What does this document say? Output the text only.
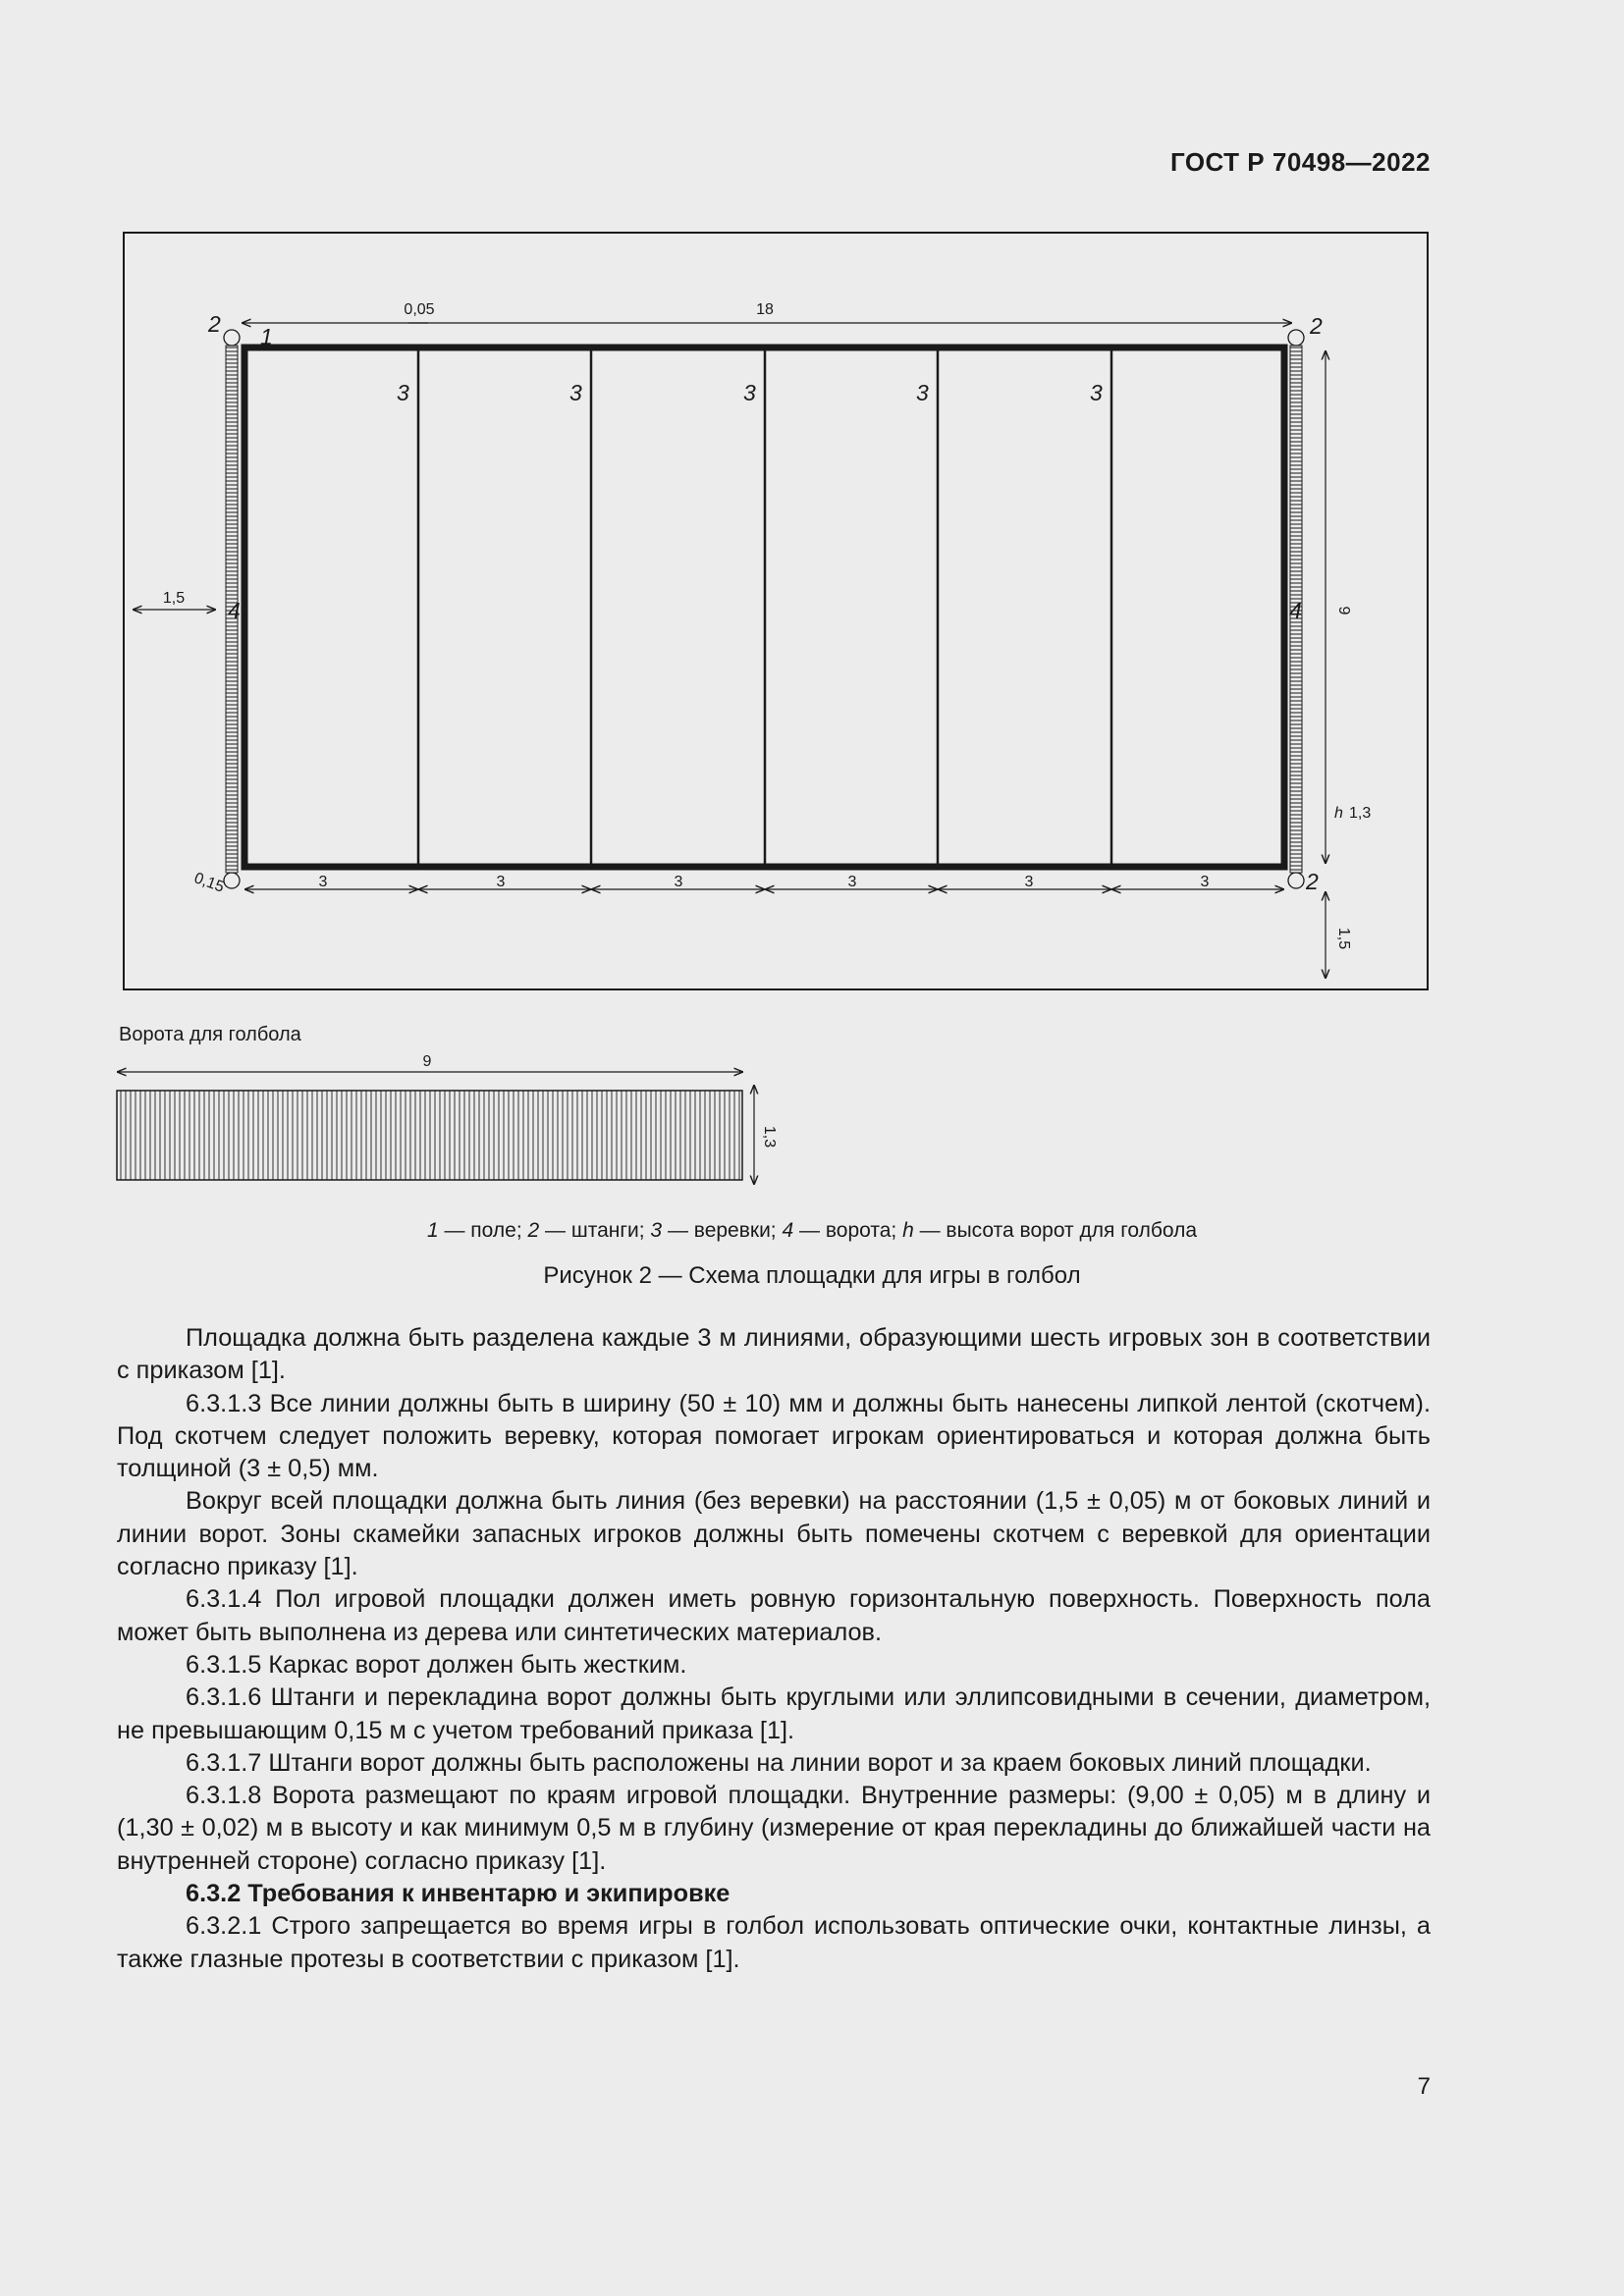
ГОСТ Р 70498—2022
3	3	3	3	3
1
2	2
2
4	4
18
0,05
1,5
9
h 1,3
1,5
0,15	3	3	3	3	3	3
9
1,3
Ворота для голбола
1 — поле; 2 — штанги; 3 — веревки; 4 — ворота; h — высота ворот для голбола
Рисунок 2 — Схема площадки для игры в голбол

Площадка должна быть разделена каждые 3 м линиями, образующими шесть игровых зон в соответствии с приказом [1].

6.3.1.3 Все линии должны быть в ширину (50 ± 10) мм и должны быть нанесены липкой лентой (скотчем). Под скотчем следует положить веревку, которая помогает игрокам ориентироваться и которая должна быть толщиной (3 ± 0,5) мм.

Вокруг всей площадки должна быть линия (без веревки) на расстоянии (1,5 ± 0,05) м от боковых линий и линии ворот. Зоны скамейки запасных игроков должны быть помечены скотчем с веревкой для ориентации согласно приказу [1].

6.3.1.4 Пол игровой площадки должен иметь ровную горизонтальную поверхность. Поверхность пола может быть выполнена из дерева или синтетических материалов.

6.3.1.5 Каркас ворот должен быть жестким.

6.3.1.6 Штанги и перекладина ворот должны быть круглыми или эллипсовидными в сечении, диаметром, не превышающим 0,15 м с учетом требований приказа [1].

6.3.1.7 Штанги ворот должны быть расположены на линии ворот и за краем боковых линий площадки.

6.3.1.8 Ворота размещают по краям игровой площадки. Внутренние размеры: (9,00 ± 0,05) м в длину и (1,30 ± 0,02) м в высоту и как минимум 0,5 м в глубину (измерение от края перекладины до ближайшей части на внутренней стороне) согласно приказу [1].

6.3.2 Требования к инвентарю и экипировке

6.3.2.1 Строго запрещается во время игры в голбол использовать оптические очки, контактные линзы, а также глазные протезы в соответствии с приказом [1].

7
